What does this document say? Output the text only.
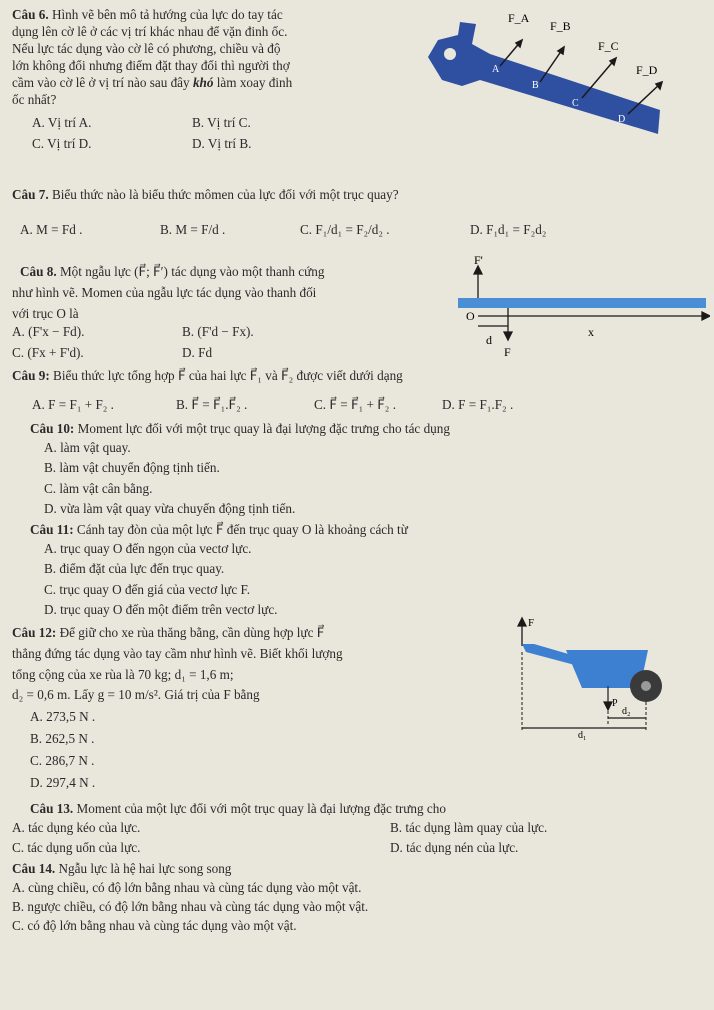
Câu 6. Hình vẽ bên mô tả hướng của lực do tay tác
dụng lên cờ lê ở các vị trí khác nhau để vặn đinh ốc.
Nếu lực tác dụng vào cờ lê có phương, chiều và độ
lớn không đổi nhưng điểm đặt thay đổi thì người thợ
cầm vào cờ lê ở vị trí nào sau đây khó làm xoay đinh
ốc nhất?
A. Vị trí A.	B. Vị trí C.
C. Vị trí D.	D. Vị trí B.
F_A
F_B
F_C
F_D
A
B
C
D
Câu 7. Biểu thức nào là biểu thức mômen của lực đối với một trục quay?
A. M = Fd .	B. M = F/d .	C. F₁/d₁ = F₂/d₂ .	D. F₁d₁ = F₂d₂
Câu 8. Một ngẫu lực (F⃗; F⃗′) tác dụng vào một thanh cứng
như hình vẽ. Momen của ngẫu lực tác dụng vào thanh đối
với trục O là
A. (F'x − Fd).	B. (F'd − Fx).
C. (Fx + F'd).	D. Fd
F'
O
x
d
F
Câu 9: Biểu thức lực tổng hợp F⃗ của hai lực F⃗₁ và F⃗₂ được viết dưới dạng
A. F = F₁ + F₂ .	B. F⃗ = F⃗₁.F⃗₂ .	C. F⃗ = F⃗₁ + F⃗₂ .	D. F = F₁.F₂ .
Câu 10: Moment lực đối với một trục quay là đại lượng đặc trưng cho tác dụng
A. làm vật quay.
B. làm vật chuyển động tịnh tiến.
C. làm vật cân bằng.
D. vừa làm vật quay vừa chuyển động tịnh tiến.
Câu 11: Cánh tay đòn của một lực F⃗ đến trục quay O là khoảng cách từ
A. trục quay O đến ngọn của vectơ lực.
B. điểm đặt của lực đến trục quay.
C. trục quay O đến giá của vectơ lực F.
D. trục quay O đến một điểm trên vectơ lực.
Câu 12: Để giữ cho xe rùa thăng bằng, cần dùng hợp lực F⃗
thẳng đứng tác dụng vào tay cầm như hình vẽ. Biết khối lượng
tổng cộng của xe rùa là 70 kg; d₁ = 1,6 m;
d₂ = 0,6 m. Lấy g = 10 m/s². Giá trị của F bằng
A. 273,5 N .
B. 262,5 N .
C. 286,7 N .
D. 297,4 N .
F
P
d₂
d₁
Câu 13. Moment của một lực đối với một trục quay là đại lượng đặc trưng cho
A. tác dụng kéo của lực.	B. tác dụng làm quay của lực.
C. tác dụng uốn của lực.	D. tác dụng nén của lực.
Câu 14. Ngẫu lực là hệ hai lực song song
A. cùng chiều, có độ lớn bằng nhau và cùng tác dụng vào một vật.
B. ngược chiều, có độ lớn bằng nhau và cùng tác dụng vào một vật.
C. có độ lớn bằng nhau và cùng tác dụng vào một vật.
